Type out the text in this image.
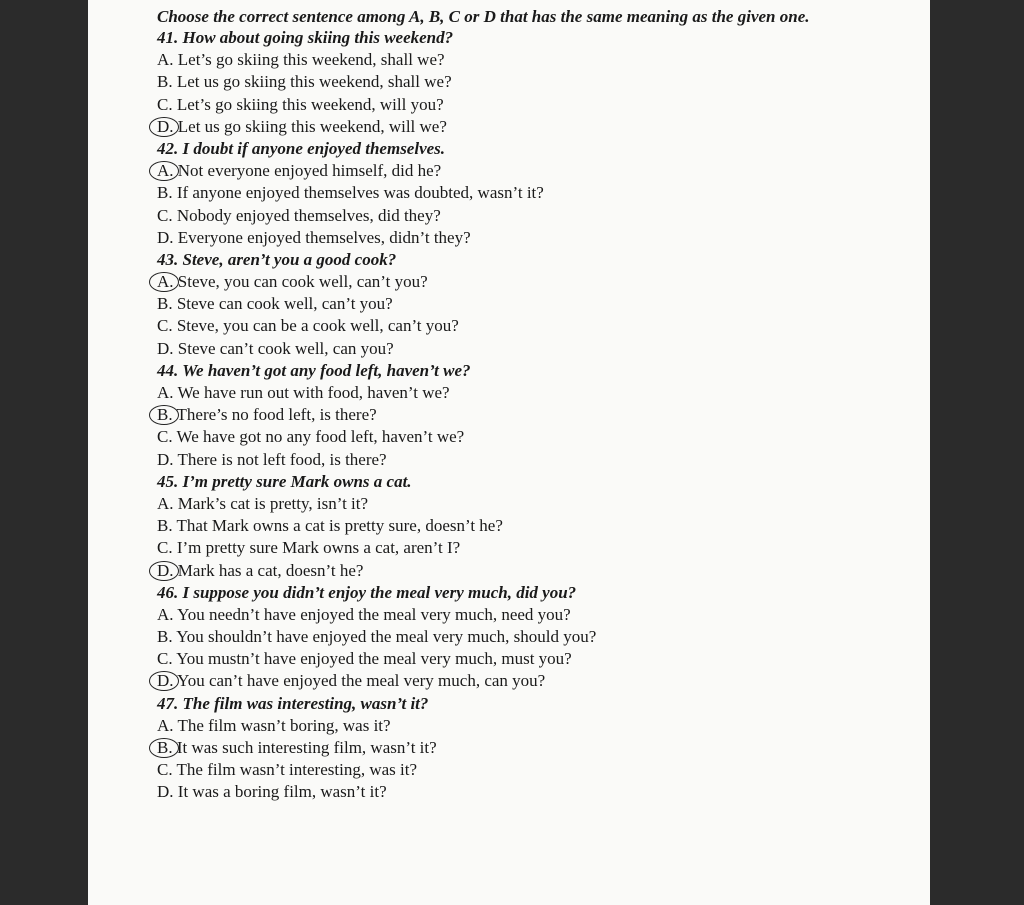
Choose the correct sentence among A, B, C or D that has the same meaning as the given one.
41. How about going skiing this weekend?
A. Let’s go skiing this weekend, shall we?
B. Let us go skiing this weekend, shall we?
C. Let’s go skiing this weekend, will you?
D. Let us go skiing this weekend, will we?
42. I doubt if anyone enjoyed themselves.
A. Not everyone enjoyed himself, did he?
B. If anyone enjoyed themselves was doubted, wasn’t it?
C. Nobody enjoyed themselves, did they?
D. Everyone enjoyed themselves, didn’t they?
43. Steve, aren’t you a good cook?
A. Steve, you can cook well, can’t you?
B. Steve can cook well, can’t you?
C. Steve, you can be a cook well, can’t you?
D. Steve can’t cook well, can you?
44. We haven’t got any food left, haven’t we?
A. We have run out with food, haven’t we?
B. There’s no food left, is there?
C. We have got no any food left, haven’t we?
D. There is not left food, is there?
45. I’m pretty sure Mark owns a cat.
A. Mark’s cat is pretty, isn’t it?
B. That Mark owns a cat is pretty sure, doesn’t he?
C. I’m pretty sure Mark owns a cat, aren’t I?
D. Mark has a cat, doesn’t he?
46. I suppose you didn’t enjoy the meal very much, did you?
A. You needn’t have enjoyed the meal very much, need you?
B. You shouldn’t have enjoyed the meal very much, should you?
C. You mustn’t have enjoyed the meal very much, must you?
D. You can’t have enjoyed the meal very much, can you?
47. The film was interesting, wasn’t it?
A. The film wasn’t boring, was it?
B. It was such interesting film, wasn’t it?
C. The film wasn’t interesting, was it?
D. It was a boring film, wasn’t it?
